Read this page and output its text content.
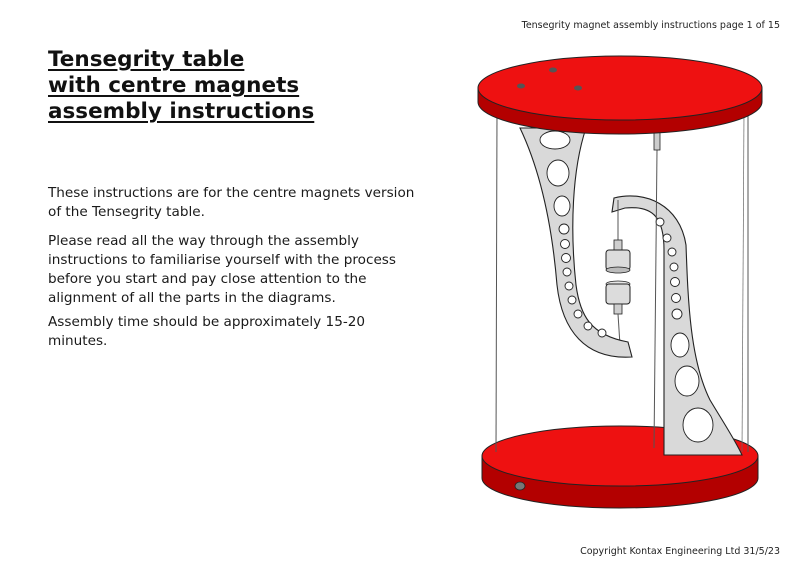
Tensegrity magnet assembly instructions page 1 of 15
Tensegrity table
with centre magnets
assembly instructions

These instructions are for the centre magnets version of the Tensegrity table.

Please read all the way through the assembly instructions to familiarise yourself with the process before you start and pay close attention to the alignment of all the parts in the diagrams.

Assembly time should be approximately 15-20 minutes.

Copyright Kontax Engineering Ltd 31/5/23
